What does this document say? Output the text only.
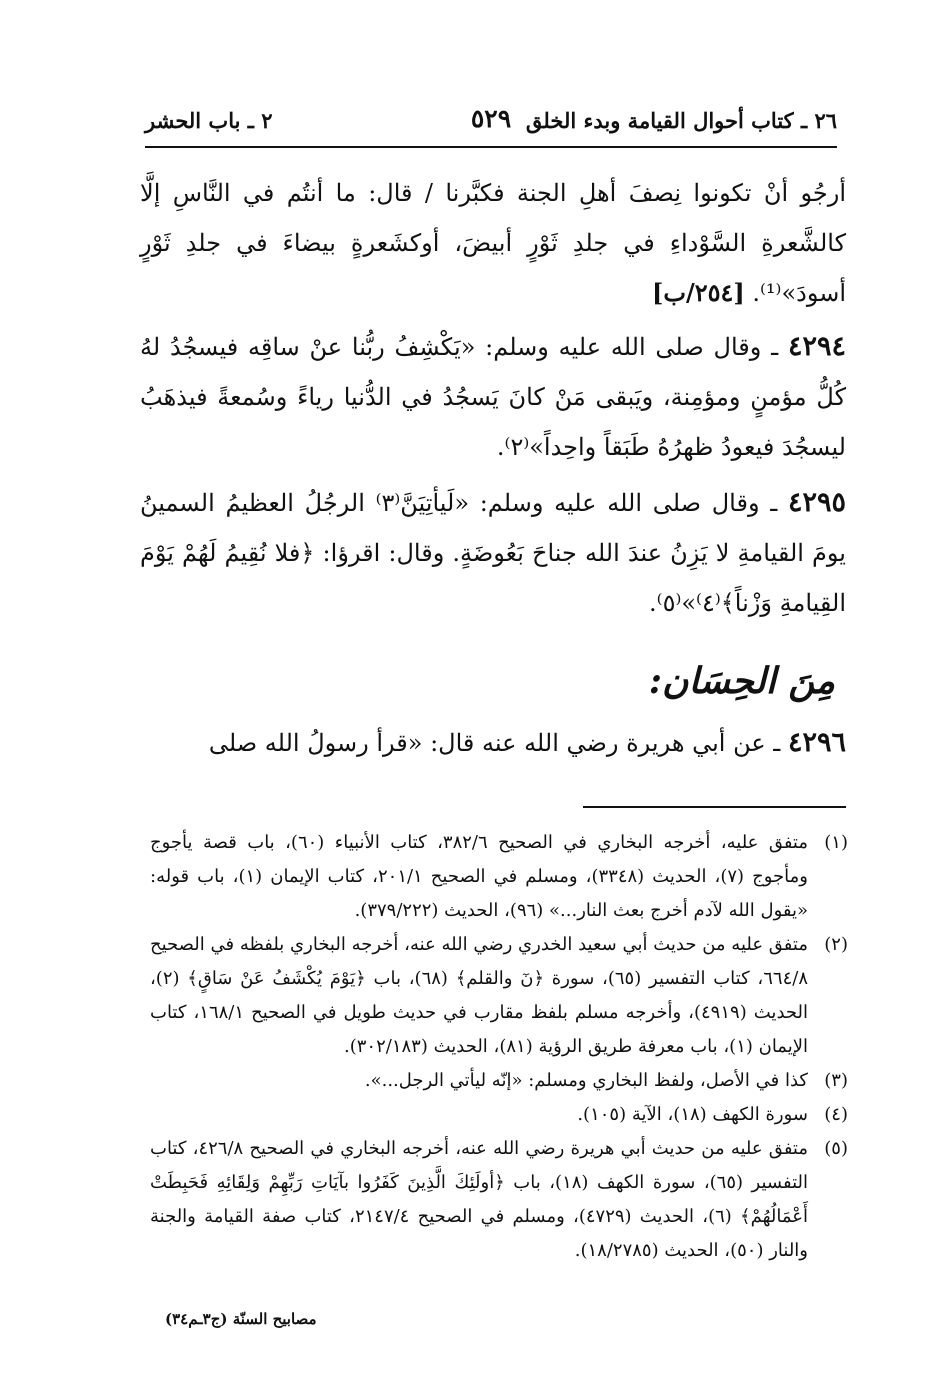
٢٦ ـ كتاب أحوال القيامة وبدء الخلق
٥٢٩
٢ ـ باب الحشر
أرجُو أنْ تكونوا نِصفَ أهلِ الجنة فكبَّرنا / قال: ما أنتُم في النَّاسِ إلَّا كالشَّعرةِ السَّوْداءِ في جلدِ ثَوْرٍ أبيضَ، أوكشَعرةٍ بيضاءَ في جلدِ ثَوْرٍ أسودَ»⁽¹⁾. [٢٥٤/ب]
٤٢٩٤ ـ وقال صلى الله عليه وسلم: «يَكْشِفُ ربُّنا عنْ ساقِه فيسجُدُ لهُ كُلُّ مؤمنٍ ومؤمِنة، ويَبقى مَنْ كانَ يَسجُدُ في الدُّنيا رياءً وسُمعةً فيذهَبُ ليسجُدَ فيعودُ ظهرُهُ طَبَقاً واحِداً»⁽٢⁾.
٤٢٩٥ ـ وقال صلى الله عليه وسلم: «لَيأتِيَنَّ⁽٣⁾ الرجُلُ العظيمُ السمينُ يومَ القيامةِ لا يَزِنُ عندَ الله جناحَ بَعُوضَةٍ. وقال: اقرؤا: ﴿فلا نُقِيمُ لَهُمْ يَوْمَ القِيامةِ وَزْناً﴾⁽٤⁾»⁽٥⁾.
مِنَ الحِسَان:
٤٢٩٦ ـ عن أبي هريرة رضي الله عنه قال: «قرأ رسولُ الله صلى
(١)
متفق عليه، أخرجه البخاري في الصحيح ٣٨٢/٦، كتاب الأنبياء (٦٠)، باب قصة يأجوج ومأجوج (٧)، الحديث (٣٣٤٨)، ومسلم في الصحيح ٢٠١/١، كتاب الإيمان (١)، باب قوله: «يقول الله لآدم أخرج بعث النار...» (٩٦)، الحديث (٣٧٩/٢٢٢).
(٢)
متفق عليه من حديث أبي سعيد الخدري رضي الله عنه، أخرجه البخاري بلفظه في الصحيح ٦٦٤/٨، كتاب التفسير (٦٥)، سورة ﴿نٓ والقلم﴾ (٦٨)، باب ﴿يَوْمَ يُكْشَفُ عَنْ سَاقٍ﴾ (٢)، الحديث (٤٩١٩)، وأخرجه مسلم بلفظ مقارب في حديث طويل في الصحيح ١٦٨/١، كتاب الإيمان (١)، باب معرفة طريق الرؤية (٨١)، الحديث (٣٠٢/١٨٣).
(٣)
كذا في الأصل، ولفظ البخاري ومسلم: «إنّه ليأتي الرجل...».
(٤)
سورة الكهف (١٨)، الآية (١٠٥).
(٥)
متفق عليه من حديث أبي هريرة رضي الله عنه، أخرجه البخاري في الصحيح ٤٢٦/٨، كتاب التفسير (٦٥)، سورة الكهف (١٨)، باب ﴿أولَئِكَ الَّذِينَ كَفَرُوا بآيَاتِ رَبِّهِمْ وَلِقَائِهِ فَحَبِطَتْ أَعْمَالُهُمْ﴾ (٦)، الحديث (٤٧٢٩)، ومسلم في الصحيح ٢١٤٧/٤، كتاب صفة القيامة والجنة والنار (٥٠)، الحديث (١٨/٢٧٨٥).
مصابيح السنّة (ج٣ـم٣٤)
